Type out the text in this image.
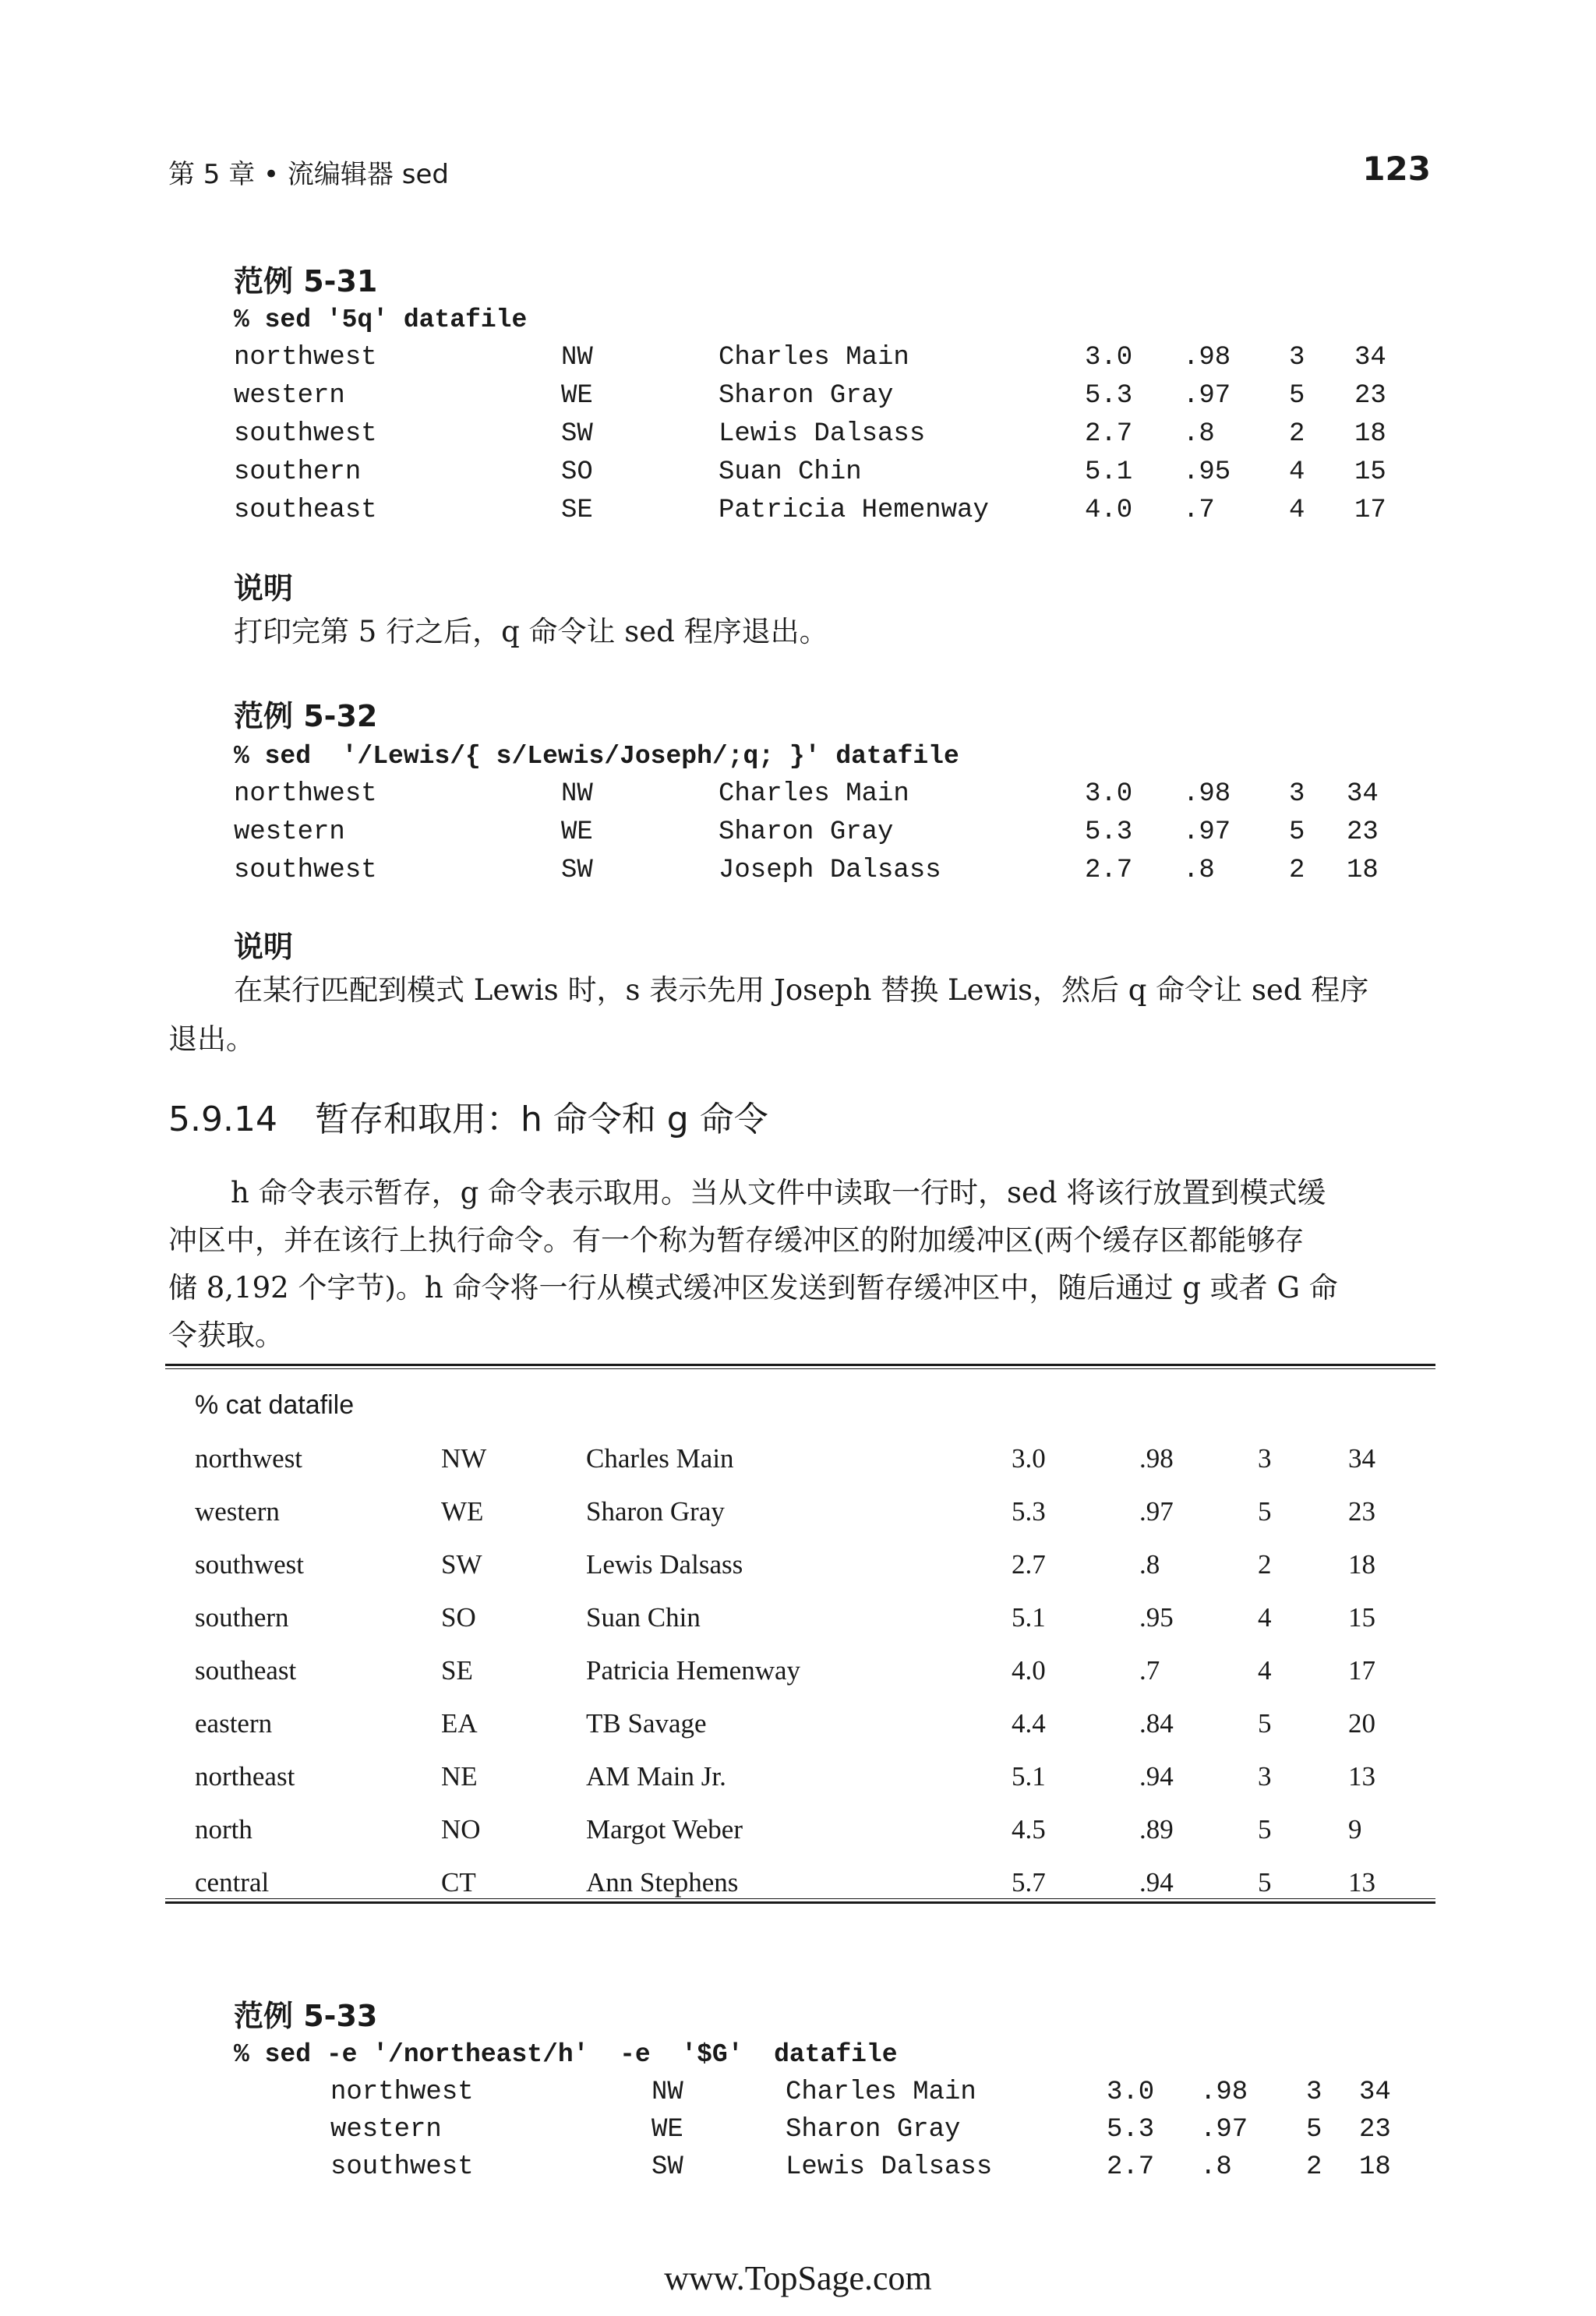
第 5 章 • 流编辑器 sed	123
范例 5-31
% sed '5q' datafile
northwest	NW	Charles Main	3.0 .98 3 34
western	WE	Sharon Gray	5.3 .97 5 23
southwest	SW	Lewis Dalsass	2.7 .8	2 18
southern	SO	Suan Chin	5.1 .95 4 15
southeast	SE	Patricia Hemenway	4.0 .7	4 17
说明
打印完第 5 行之后，q 命令让 sed 程序退出。
范例 5-32
% sed  '/Lewis/{ s/Lewis/Joseph/;q; }' datafile
northwest	NW	Charles Main	3.0 .98 3 34
western	WE	Sharon Gray	5.3 .97 5 23
southwest	SW	Joseph Dalsass	2.7 .8	2 18
说明
在某行匹配到模式 Lewis 时，s 表示先用 Joseph 替换 Lewis，然后 q 命令让 sed 程序
退出。
5.9.14 暂存和取用：h 命令和 g 命令
h 命令表示暂存，g 命令表示取用。当从文件中读取一行时，sed 将该行放置到模式缓
冲区中，并在该行上执行命令。有一个称为暂存缓冲区的附加缓冲区(两个缓存区都能够存
储 8,192 个字节)。h 命令将一行从模式缓冲区发送到暂存缓冲区中，随后通过 g 或者 G 命
令获取。
% cat datafile
northwest	NW	Charles Main	3.0	.98	3	34
western	WE	Sharon Gray	5.3	.97	5	23
southwest	SW	Lewis Dalsass	2.7	.8	2	18
southern	SO	Suan Chin	5.1	.95	4	15
southeast	SE	Patricia Hemenway	4.0	.7	4	17
eastern	EA	TB Savage	4.4	.84	5	20
northeast	NE	AM Main Jr.	5.1	.94	3	13
north	NO	Margot Weber	4.5	.89	5	9
central	CT	Ann Stephens	5.7	.94	5	13
范例 5-33
% sed -e '/northeast/h'  -e  '$G'  datafile
northwest	NW	Charles Main	3.0 .98 3 34
western	WE	Sharon Gray	5.3 .97 5 23
southwest	SW	Lewis Dalsass	2.7 .8	2 18
www.TopSage.com
